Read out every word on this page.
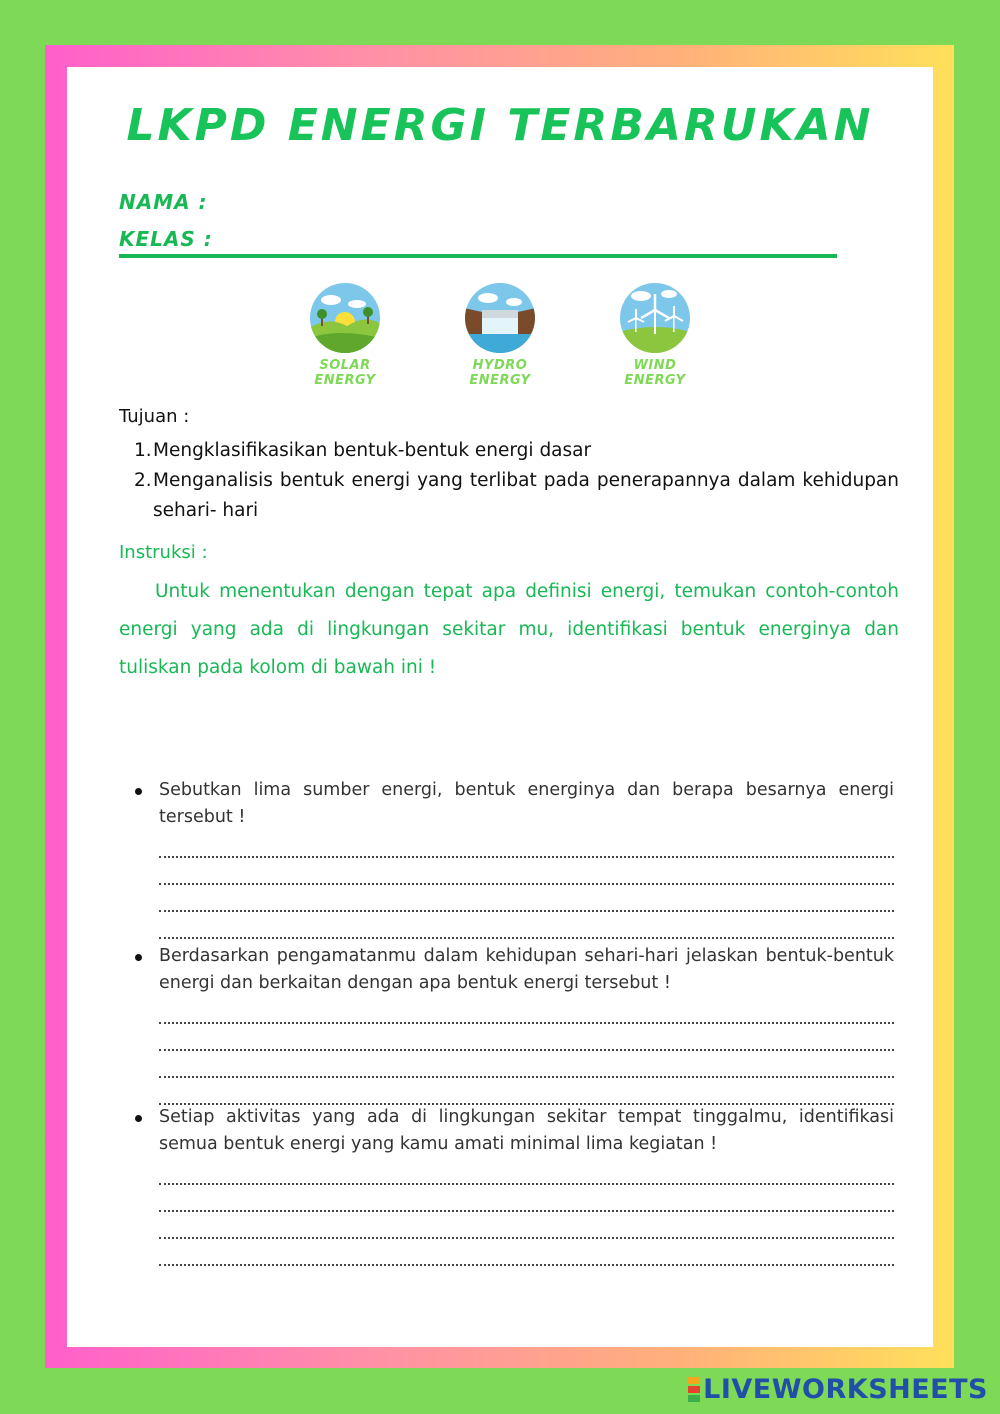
LKPD ENERGI TERBARUKAN
NAMA :
KELAS :
SOLAR
ENERGY
HYDRO
ENERGY
WIND
ENERGY
Tujuan :
1. Mengklasifikasikan bentuk-bentuk energi dasar
2. Menganalisis bentuk energi yang terlibat pada penerapannya dalam kehidupan sehari- hari
Instruksi :
Untuk menentukan dengan tepat apa definisi energi, temukan contoh-contoh energi yang ada di lingkungan sekitar mu, identifikasi bentuk energinya dan tuliskan pada kolom di bawah ini !
Sebutkan lima sumber energi, bentuk energinya dan berapa besarnya energi tersebut !
Berdasarkan pengamatanmu dalam kehidupan sehari-hari jelaskan bentuk-bentuk energi dan berkaitan dengan apa bentuk energi tersebut !
Setiap aktivitas yang ada di lingkungan sekitar tempat tinggalmu, identifikasi semua bentuk energi yang kamu amati minimal lima kegiatan !
LIVEWORKSHEETS
